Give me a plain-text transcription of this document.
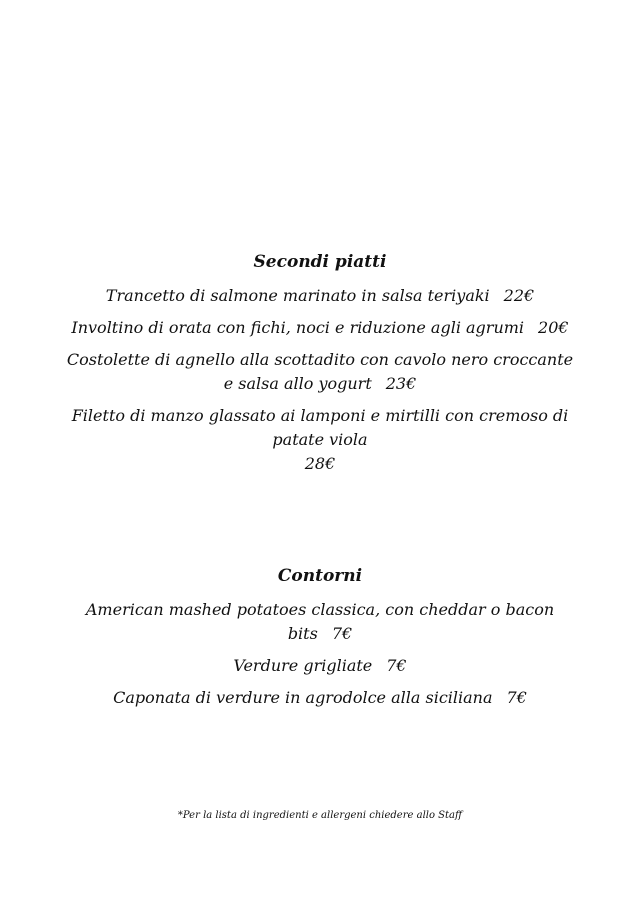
Secondi piatti
Trancetto di salmone marinato in salsa teriyaki 22€
Involtino di orata con fichi, noci e riduzione agli agrumi 20€
Costolette di agnello alla scottadito con cavolo nero croccante e salsa allo yogurt 23€
Filetto di manzo glassato ai lamponi e mirtilli con cremoso di patate viola
28€
Contorni
American mashed potatoes classica, con cheddar o bacon bits 7€
Verdure grigliate 7€
Caponata di verdure in agrodolce alla siciliana 7€
*Per la lista di ingredienti e allergeni chiedere allo Staff
